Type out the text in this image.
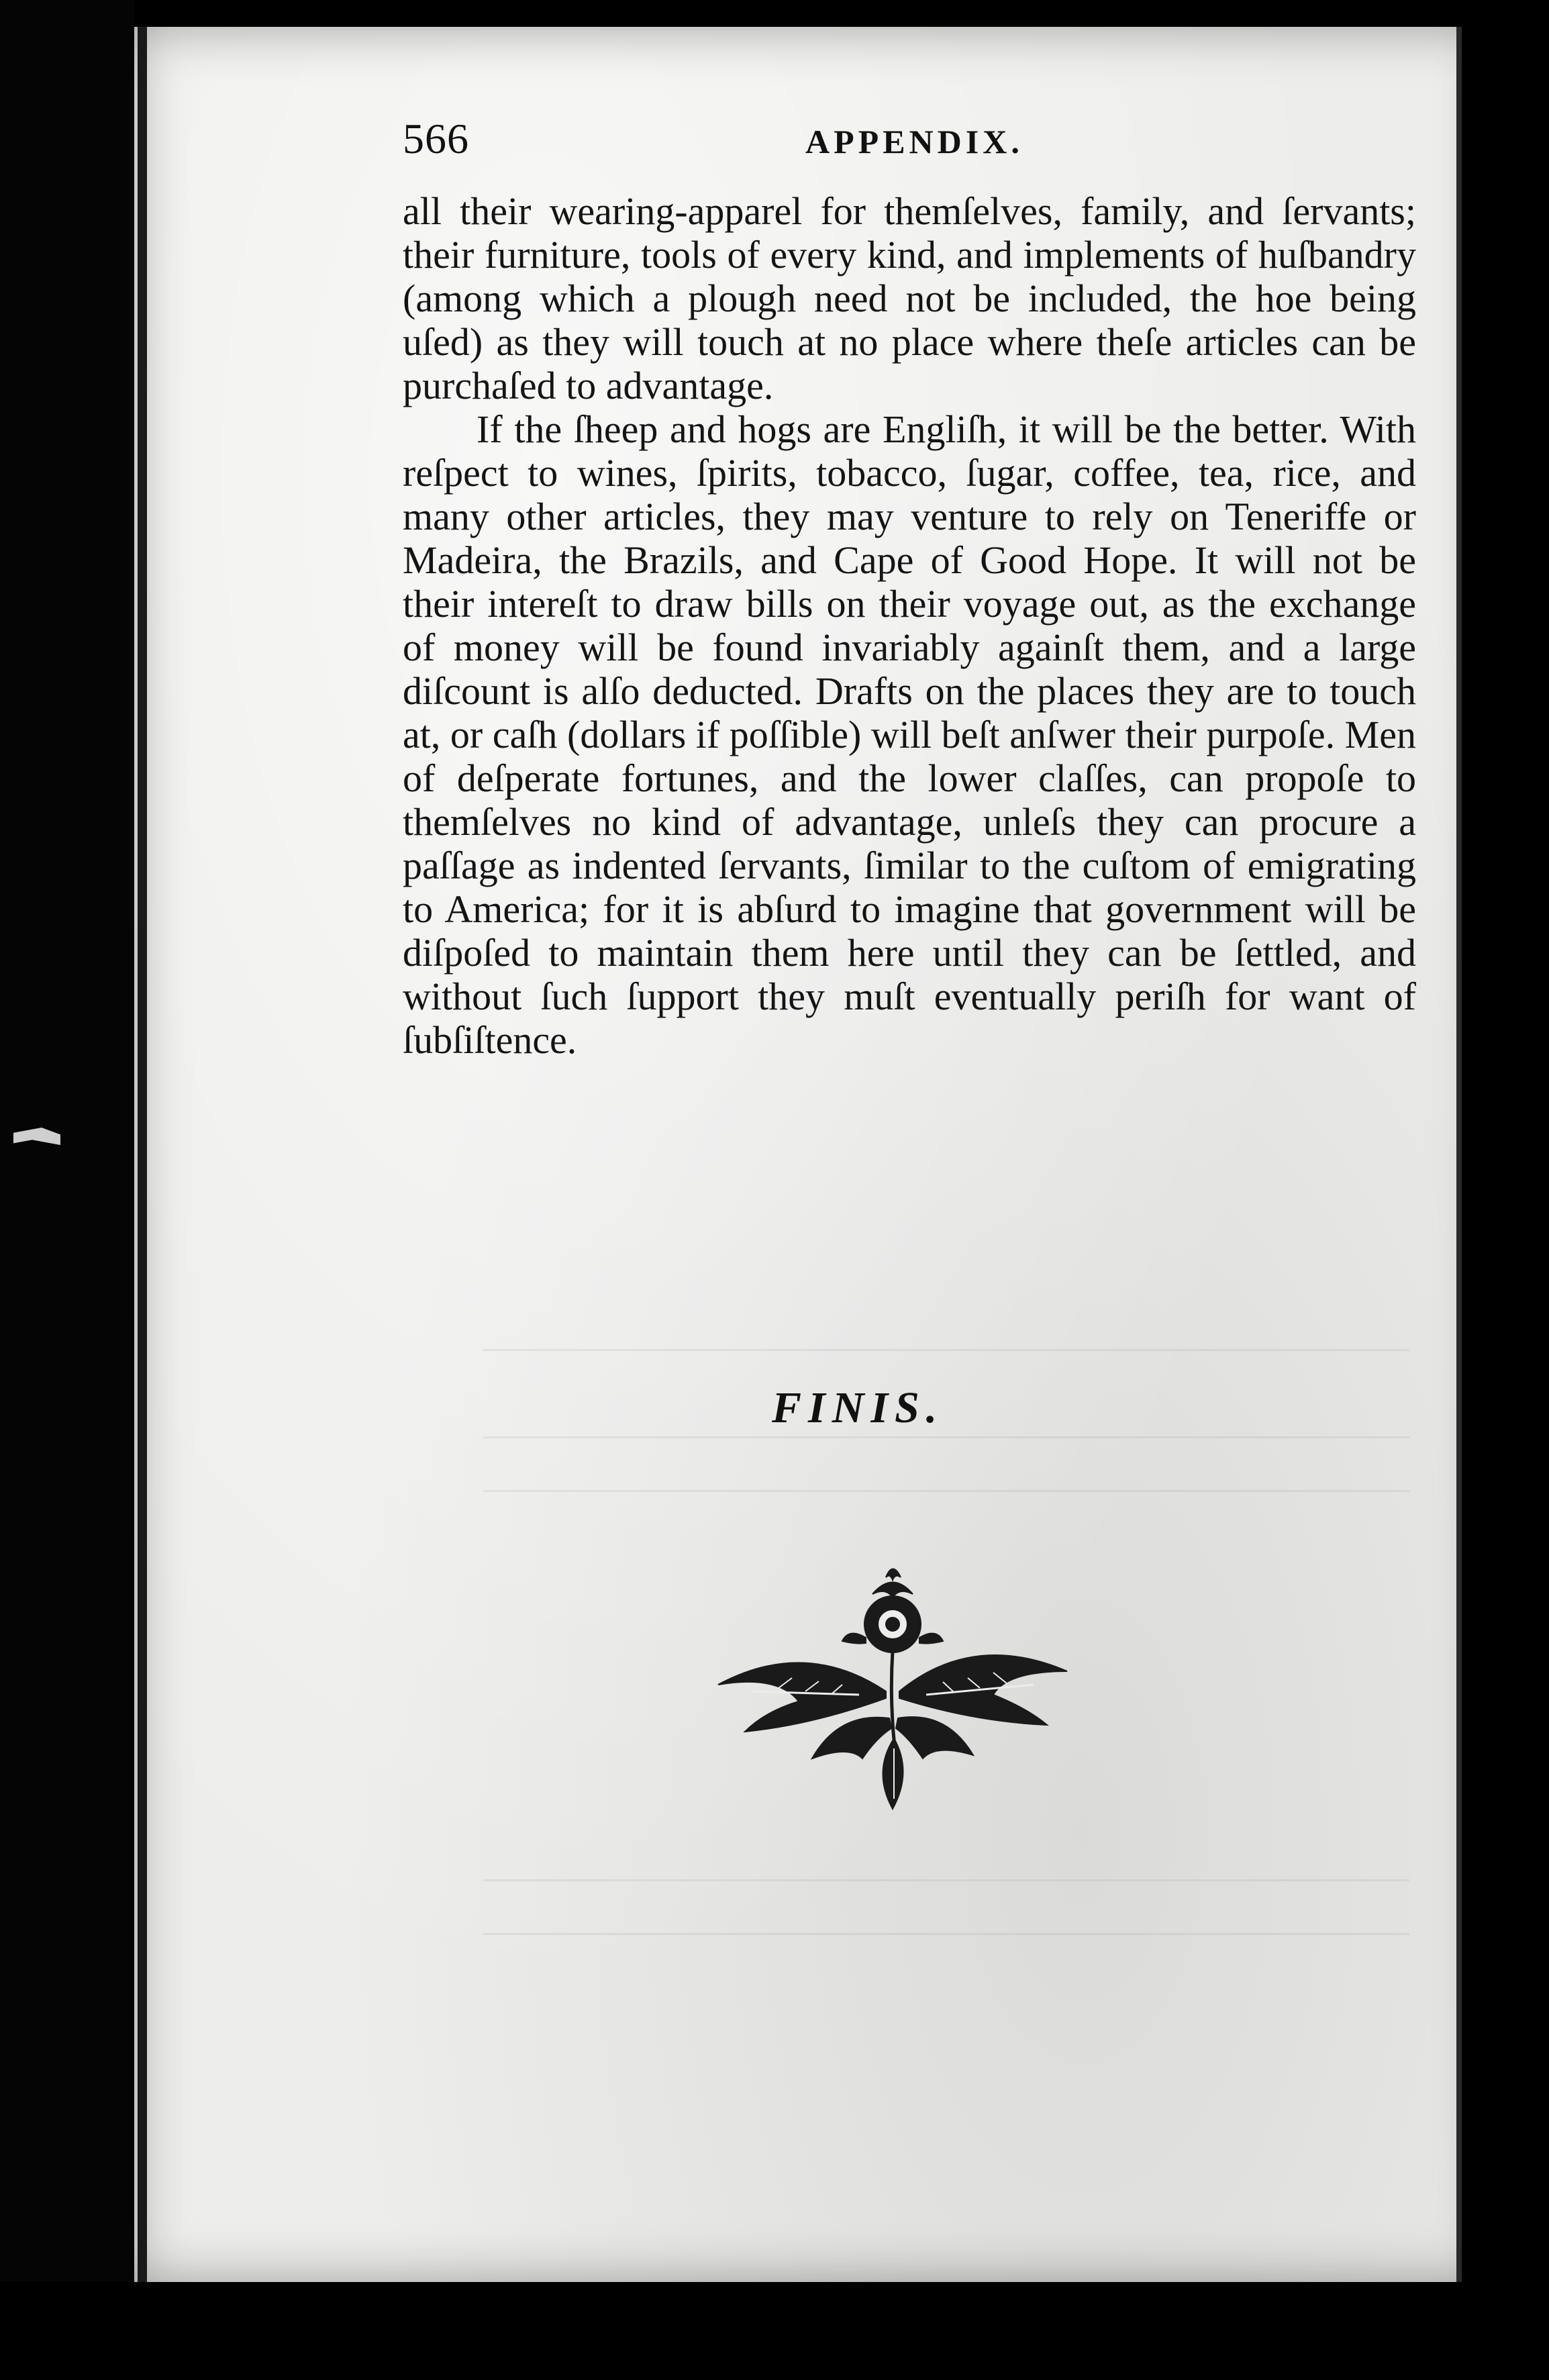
566	APPENDIX.

all their wearing-apparel for themſelves, family, and ſervants; their furniture, tools of every kind, and implements of huſbandry (among which a plough need not be included, the hoe being uſed) as they will touch at no place where theſe articles can be purchaſed to advantage.

If the ſheep and hogs are Engliſh, it will be the better. With reſpect to wines, ſpirits, tobacco, ſugar, coffee, tea, rice, and many other articles, they may venture to rely on Teneriffe or Madeira, the Brazils, and Cape of Good Hope. It will not be their intereſt to draw bills on their voyage out, as the exchange of money will be found invariably againſt them, and a large diſcount is alſo deducted. Drafts on the places they are to touch at, or caſh (dollars if poſſible) will beſt anſwer their purpoſe. Men of deſperate fortunes, and the lower claſſes, can propoſe to themſelves no kind of advantage, unleſs they can procure a paſſage as indented ſervants, ſimilar to the cuſtom of emigrating to America; for it is abſurd to imagine that government will be diſpoſed to maintain them here until they can be ſettled, and without ſuch ſupport they muſt eventually periſh for want of ſubſiſtence.

FINIS.
